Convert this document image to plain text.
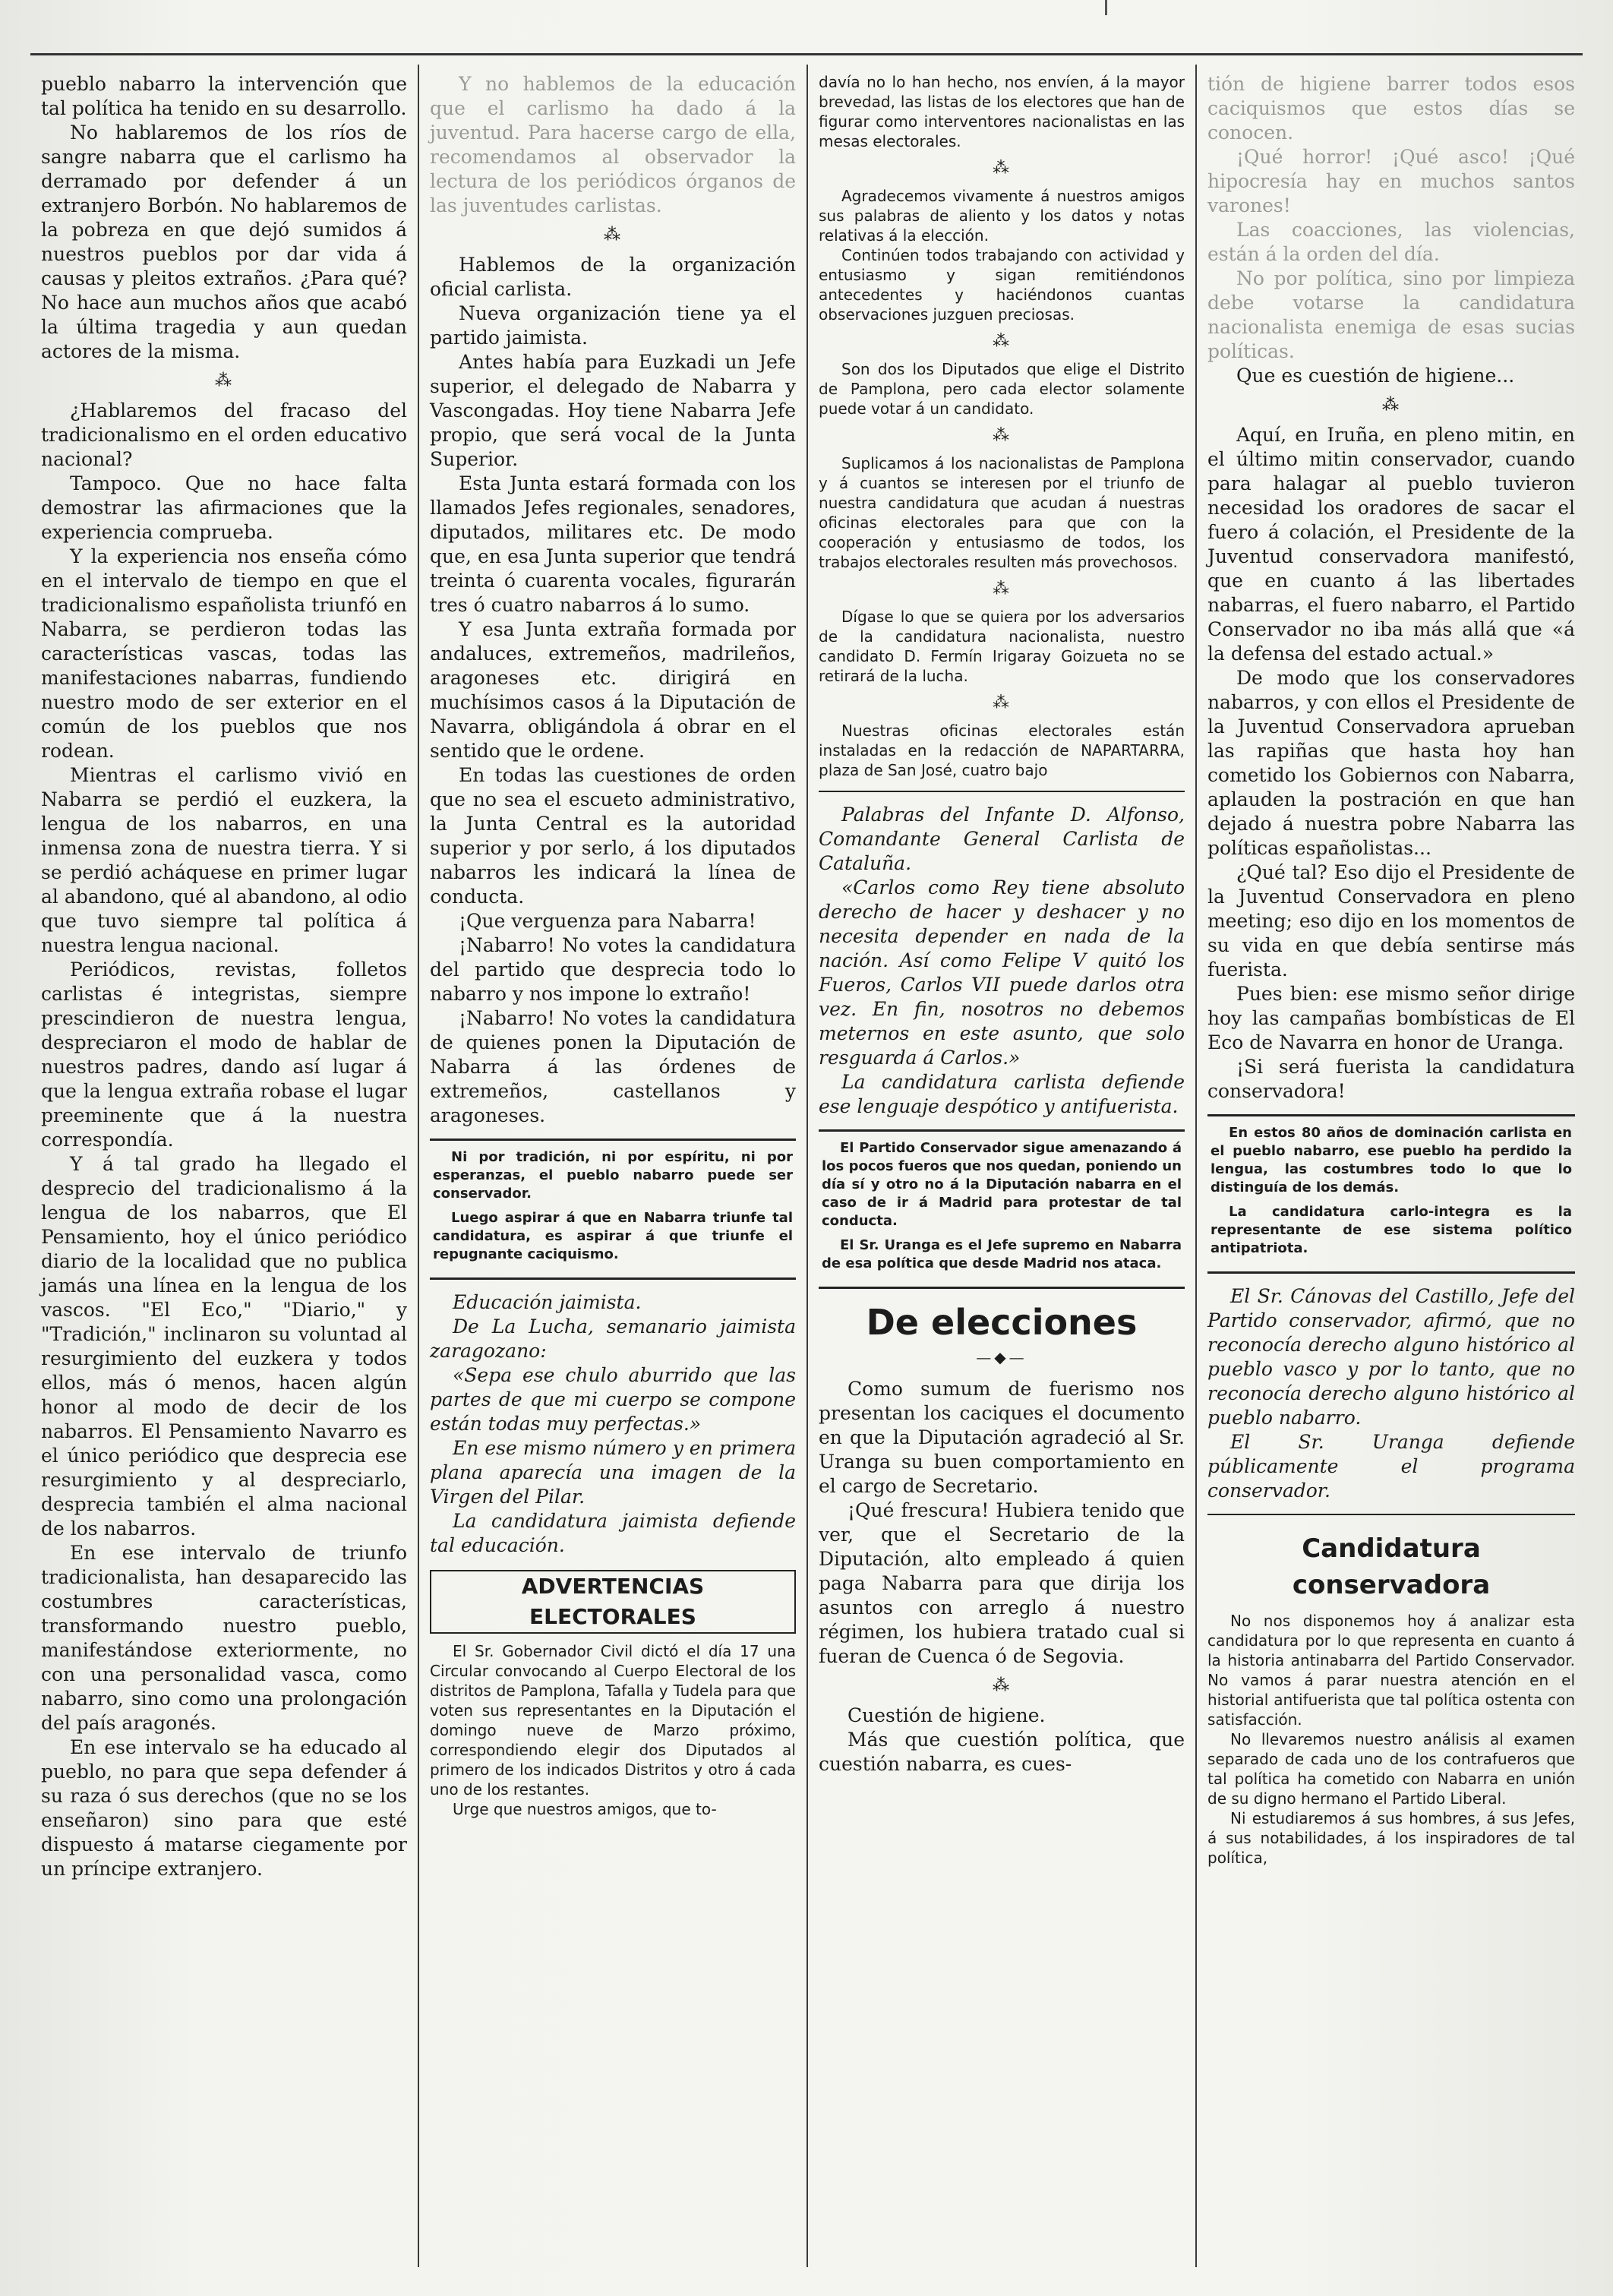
pueblo nabarro la intervención que tal política ha tenido en su desarrollo.

No hablaremos de los ríos de sangre nabarra que el carlismo ha derramado por defender á un extranjero Borbón. No hablaremos de la pobreza en que dejó sumidos á nuestros pueblos por dar vida á causas y pleitos extraños. ¿Para qué? No hace aun muchos años que acabó la última tragedia y aun quedan actores de la misma.

⁂

¿Hablaremos del fracaso del tradicionalismo en el orden educativo nacional?

Tampoco. Que no hace falta demostrar las afirmaciones que la experiencia comprueba.

Y la experiencia nos enseña cómo en el intervalo de tiempo en que el tradicionalismo españolista triunfó en Nabarra, se perdieron todas las características vascas, todas las manifestaciones nabarras, fundiendo nuestro modo de ser exterior en el común de los pueblos que nos rodean.

Mientras el carlismo vivió en Nabarra se perdió el euzkera, la lengua de los nabarros, en una inmensa zona de nuestra tierra. Y si se perdió acháquese en primer lugar al abandono, qué al abandono, al odio que tuvo siempre tal política á nuestra lengua nacional.

Periódicos, revistas, folletos carlistas é integristas, siempre prescindieron de nuestra lengua, despreciaron el modo de hablar de nuestros padres, dando así lugar á que la lengua extraña robase el lugar preeminente que á la nuestra correspondía.

Y á tal grado ha llegado el desprecio del tradicionalismo á la lengua de los nabarros, que El Pensamiento, hoy el único periódico diario de la localidad que no publica jamás una línea en la lengua de los vascos. "El Eco," "Diario," y "Tradición," inclinaron su voluntad al resurgimiento del euzkera y todos ellos, más ó menos, hacen algún honor al modo de decir de los nabarros. El Pensamiento Navarro es el único periódico que desprecia ese resurgimiento y al despreciarlo, desprecia también el alma nacional de los nabarros.

En ese intervalo de triunfo tradicionalista, han desaparecido las costumbres características, transformando nuestro pueblo, manifestándose exteriormente, no con una personalidad vasca, como nabarro, sino como una prolongación del país aragonés.

En ese intervalo se ha educado al pueblo, no para que sepa defender á su raza ó sus derechos (que no se los enseñaron) sino para que esté dispuesto á matarse ciegamente por un príncipe extranjero.

Y no hablemos de la educación que el carlismo ha dado á la juventud. Para hacerse cargo de ella, recomendamos al observador la lectura de los periódicos órganos de las juventudes carlistas.

⁂

Hablemos de la organización oficial carlista.

Nueva organización tiene ya el partido jaimista.

Antes había para Euzkadi un Jefe superior, el delegado de Nabarra y Vascongadas. Hoy tiene Nabarra Jefe propio, que será vocal de la Junta Superior.

Esta Junta estará formada con los llamados Jefes regionales, senadores, diputados, militares etc. De modo que, en esa Junta superior que tendrá treinta ó cuarenta vocales, figurarán tres ó cuatro nabarros á lo sumo.

Y esa Junta extraña formada por andaluces, extremeños, madrileños, aragoneses etc. dirigirá en muchísimos casos á la Diputación de Navarra, obligándola á obrar en el sentido que le ordene.

En todas las cuestiones de orden que no sea el escueto administrativo, la Junta Central es la autoridad superior y por serlo, á los diputados nabarros les indicará la línea de conducta.

¡Que verguenza para Nabarra!

¡Nabarro! No votes la candidatura del partido que desprecia todo lo nabarro y nos impone lo extraño!

¡Nabarro! No votes la candidatura de quienes ponen la Diputación de Nabarra á las órdenes de extremeños, castellanos y aragoneses.

Ni por tradición, ni por espíritu, ni por esperanzas, el pueblo nabarro puede ser conservador.

Luego aspirar á que en Nabarra triunfe tal candidatura, es aspirar á que triunfe el repugnante caciquismo.

Educación jaimista.

De La Lucha, semanario jaimista zaragozano:

«Sepa ese chulo aburrido que las partes de que mi cuerpo se compone están todas muy perfectas.»

En ese mismo número y en primera plana aparecía una imagen de la Virgen del Pilar.

La candidatura jaimista defiende tal educación.

ADVERTENCIAS ELECTORALES

El Sr. Gobernador Civil dictó el día 17 una Circular convocando al Cuerpo Electoral de los distritos de Pamplona, Tafalla y Tudela para que voten sus representantes en la Diputación el domingo nueve de Marzo próximo, correspondiendo elegir dos Diputados al primero de los indicados Distritos y otro á cada uno de los restantes.

Urge que nuestros amigos, que to-

davía no lo han hecho, nos envíen, á la mayor brevedad, las listas de los electores que han de figurar como interventores nacionalistas en las mesas electorales.

⁂

Agradecemos vivamente á nuestros amigos sus palabras de aliento y los datos y notas relativas á la elección.

Continúen todos trabajando con actividad y entusiasmo y sigan remitiéndonos antecedentes y haciéndonos cuantas observaciones juzguen preciosas.

⁂

Son dos los Diputados que elige el Distrito de Pamplona, pero cada elector solamente puede votar á un candidato.

⁂

Suplicamos á los nacionalistas de Pamplona y á cuantos se interesen por el triunfo de nuestra candidatura que acudan á nuestras oficinas electorales para que con la cooperación y entusiasmo de todos, los trabajos electorales resulten más provechosos.

⁂

Dígase lo que se quiera por los adversarios de la candidatura nacionalista, nuestro candidato D. Fermín Irigaray Goizueta no se retirará de la lucha.

⁂

Nuestras oficinas electorales están instaladas en la redacción de NAPARTARRA, plaza de San José, cuatro bajo

Palabras del Infante D. Alfonso, Comandante General Carlista de Cataluña.

«Carlos como Rey tiene absoluto derecho de hacer y deshacer y no necesita depender en nada de la nación. Así como Felipe V quitó los Fueros, Carlos VII puede darlos otra vez. En fin, nosotros no debemos meternos en este asunto, que solo resguarda á Carlos.»

La candidatura carlista defiende ese lenguaje despótico y antifuerista.

El Partido Conservador sigue amenazando á los pocos fueros que nos quedan, poniendo un día sí y otro no á la Diputación nabarra en el caso de ir á Madrid para protestar de tal conducta.

El Sr. Uranga es el Jefe supremo en Nabarra de esa política que desde Madrid nos ataca.

De elecciones
—◆—

Como sumum de fuerismo nos presentan los caciques el documento en que la Diputación agradeció al Sr. Uranga su buen comportamiento en el cargo de Secretario.

¡Qué frescura! Hubiera tenido que ver, que el Secretario de la Diputación, alto empleado á quien paga Nabarra para que dirija los asuntos con arreglo á nuestro régimen, los hubiera tratado cual si fueran de Cuenca ó de Segovia.

⁂

Cuestión de higiene.

Más que cuestión política, que cuestión nabarra, es cues-

tión de higiene barrer todos esos caciquismos que estos días se conocen.

¡Qué horror! ¡Qué asco! ¡Qué hipocresía hay en muchos santos varones!

Las coacciones, las violencias, están á la orden del día.

No por política, sino por limpieza debe votarse la candidatura nacionalista enemiga de esas sucias políticas.

Que es cuestión de higiene...

⁂

Aquí, en Iruña, en pleno mitin, en el último mitin conservador, cuando para halagar al pueblo tuvieron necesidad los oradores de sacar el fuero á colación, el Presidente de la Juventud conservadora manifestó, que en cuanto á las libertades nabarras, el fuero nabarro, el Partido Conservador no iba más allá que «á la defensa del estado actual.»

De modo que los conservadores nabarros, y con ellos el Presidente de la Juventud Conservadora aprueban las rapiñas que hasta hoy han cometido los Gobiernos con Nabarra, aplauden la postración en que han dejado á nuestra pobre Nabarra las políticas españolistas...

¿Qué tal? Eso dijo el Presidente de la Juventud Conservadora en pleno meeting; eso dijo en los momentos de su vida en que debía sentirse más fuerista.

Pues bien: ese mismo señor dirige hoy las campañas bombísticas de El Eco de Navarra en honor de Uranga.

¡Si será fuerista la candidatura conservadora!

En estos 80 años de dominación carlista en el pueblo nabarro, ese pueblo ha perdido la lengua, las costumbres todo lo que lo distinguía de los demás.

La candidatura carlo-integra es la representante de ese sistema político antipatriota.

El Sr. Cánovas del Castillo, Jefe del Partido conservador, afirmó, que no reconocía derecho alguno histórico al pueblo vasco y por lo tanto, que no reconocía derecho alguno histórico al pueblo nabarro.

El Sr. Uranga defiende públicamente el programa conservador.

Candidatura conservadora

No nos disponemos hoy á analizar esta candidatura por lo que representa en cuanto á la historia antinabarra del Partido Conservador. No vamos á parar nuestra atención en el historial antifuerista que tal política ostenta con satisfacción.

No llevaremos nuestro análisis al examen separado de cada uno de los contrafueros que tal política ha cometido con Nabarra en unión de su digno hermano el Partido Liberal.

Ni estudiaremos á sus hombres, á sus Jefes, á sus notabilidades, á los inspiradores de tal política,
